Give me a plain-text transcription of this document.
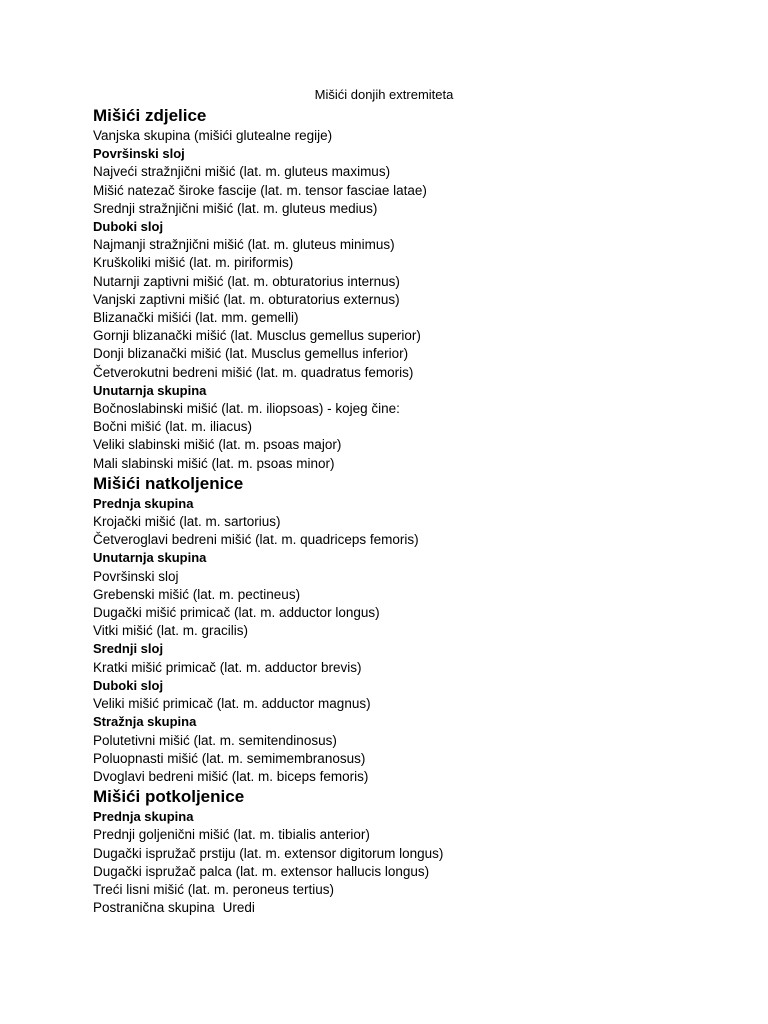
Mišići donjih extremiteta
Mišići zdjelice
Vanjska skupina (mišići glutealne regije)
Površinski sloj
Najveći stražnjični mišić (lat. m. gluteus maximus)
Mišić natezač široke fascije (lat. m. tensor fasciae latae)
Srednji stražnjični mišić (lat. m. gluteus medius)
Duboki sloj
Najmanji stražnjični mišić (lat. m. gluteus minimus)
Kruškoliki mišić (lat. m. piriformis)
Nutarnji zaptivni mišić (lat. m. obturatorius internus)
Vanjski zaptivni mišić (lat. m. obturatorius externus)
Blizanački mišići (lat. mm. gemelli)
Gornji blizanački mišić (lat. Musclus gemellus superior)
Donji blizanački mišić (lat. Musclus gemellus inferior)
Četverokutni bedreni mišić (lat. m. quadratus femoris)
Unutarnja skupina
Bočnoslabinski mišić (lat. m. iliopsoas) - kojeg čine:
Bočni mišić (lat. m. iliacus)
Veliki slabinski mišić (lat. m. psoas major)
Mali slabinski mišić (lat. m. psoas minor)
Mišići natkoljenice
Prednja skupina
Krojački mišić (lat. m. sartorius)
Četveroglavi bedreni mišić (lat. m. quadriceps femoris)
Unutarnja skupina
Površinski sloj
Grebenski mišić (lat. m. pectineus)
Dugački mišić primicač (lat. m. adductor longus)
Vitki mišić (lat. m. gracilis)
Srednji sloj
Kratki mišić primicač (lat. m. adductor brevis)
Duboki sloj
Veliki mišić primicač (lat. m. adductor magnus)
Stražnja skupina
Polutetivni mišić (lat. m. semitendinosus)
Poluopnasti mišić (lat. m. semimembranosus)
Dvoglavi bedreni mišić (lat. m. biceps femoris)
Mišići potkoljenice
Prednja skupina
Prednji goljenični mišić (lat. m. tibialis anterior)
Dugački ispružač prstiju (lat. m. extensor digitorum longus)
Dugački ispružač palca (lat. m. extensor hallucis longus)
Treći lisni mišić (lat. m. peroneus tertius)
Postranična skupina Uredi
